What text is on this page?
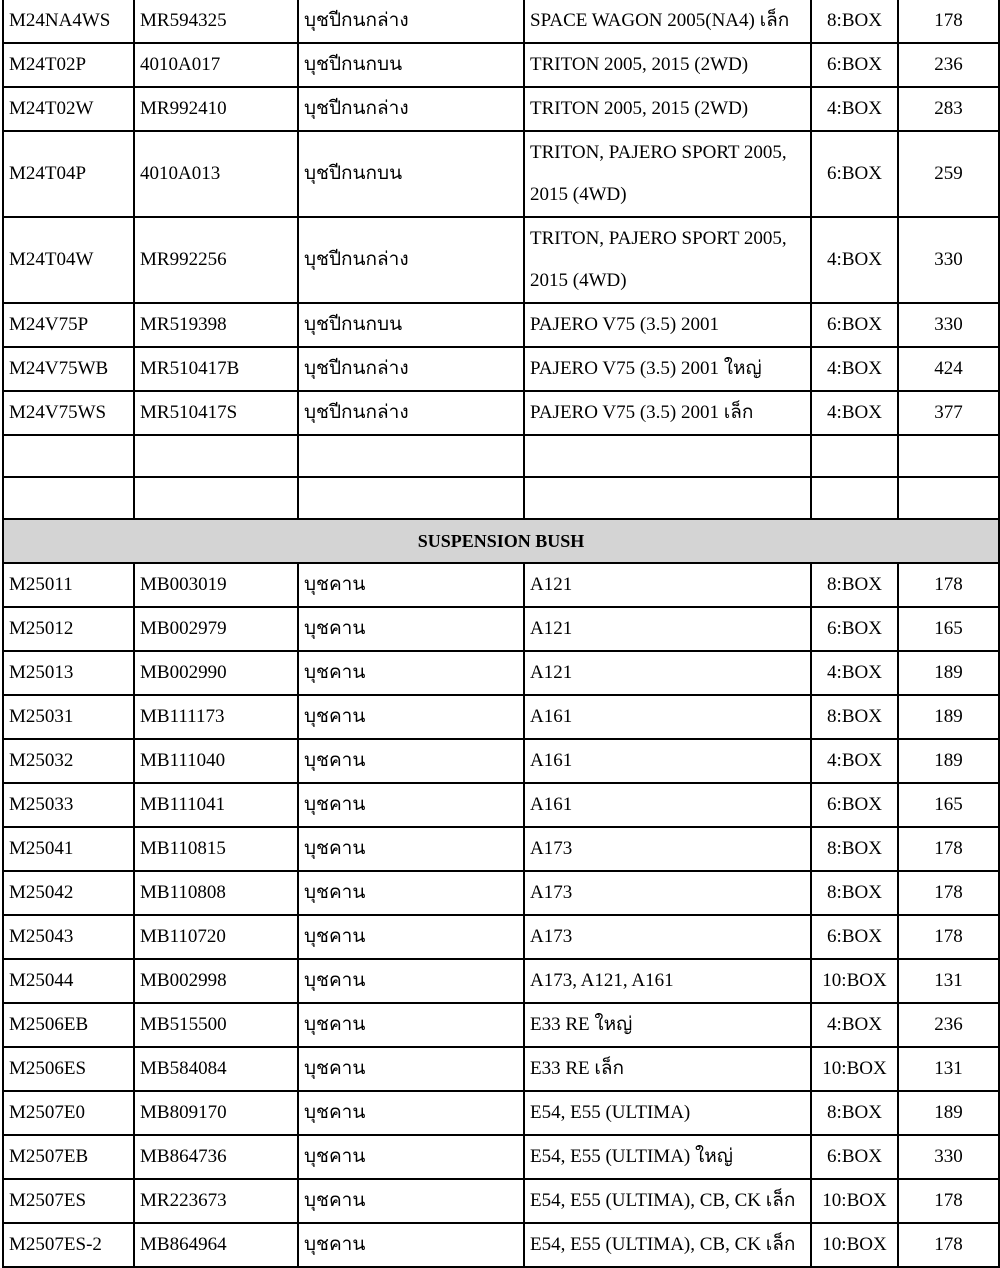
M24NA4WS	MR594325	บุชปีกนกล่าง	SPACE WAGON 2005(NA4) เล็ก	8:BOX	178
M24T02P	4010A017	บุชปีกนกบน	TRITON 2005, 2015 (2WD)	6:BOX	236
M24T02W	MR992410	บุชปีกนกล่าง	TRITON 2005, 2015 (2WD)	4:BOX	283
M24T04P	4010A013	บุชปีกนกบน	TRITON, PAJERO SPORT 2005, 2015 (4WD)	6:BOX	259
M24T04W	MR992256	บุชปีกนกล่าง	TRITON, PAJERO SPORT 2005, 2015 (4WD)	4:BOX	330
M24V75P	MR519398	บุชปีกนกบน	PAJERO V75 (3.5) 2001	6:BOX	330
M24V75WB	MR510417B	บุชปีกนกล่าง	PAJERO V75 (3.5) 2001 ใหญ่	4:BOX	424
M24V75WS	MR510417S	บุชปีกนกล่าง	PAJERO V75 (3.5) 2001 เล็ก	4:BOX	377

SUSPENSION BUSH					
M25011	MB003019	บุชคาน	A121	8:BOX	178
M25012	MB002979	บุชคาน	A121	6:BOX	165
M25013	MB002990	บุชคาน	A121	4:BOX	189
M25031	MB111173	บุชคาน	A161	8:BOX	189
M25032	MB111040	บุชคาน	A161	4:BOX	189
M25033	MB111041	บุชคาน	A161	6:BOX	165
M25041	MB110815	บุชคาน	A173	8:BOX	178
M25042	MB110808	บุชคาน	A173	8:BOX	178
M25043	MB110720	บุชคาน	A173	6:BOX	178
M25044	MB002998	บุชคาน	A173, A121, A161	10:BOX	131
M2506EB	MB515500	บุชคาน	E33 RE ใหญ่	4:BOX	236
M2506ES	MB584084	บุชคาน	E33 RE เล็ก	10:BOX	131
M2507E0	MB809170	บุชคาน	E54, E55 (ULTIMA)	8:BOX	189
M2507EB	MB864736	บุชคาน	E54, E55 (ULTIMA) ใหญ่	6:BOX	330
M2507ES	MR223673	บุชคาน	E54, E55 (ULTIMA), CB, CK เล็ก	10:BOX	178
M2507ES-2	MB864964	บุชคาน	E54, E55 (ULTIMA), CB, CK เล็ก	10:BOX	178
